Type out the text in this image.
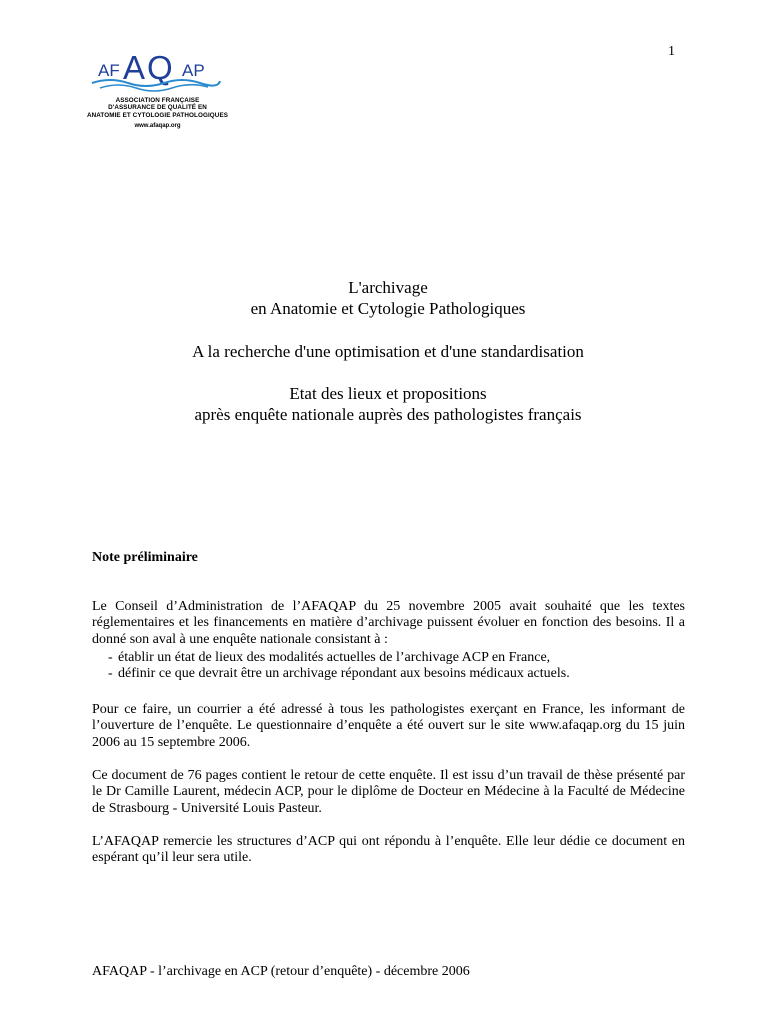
1
AF A Q AP
ASSOCIATION FRANÇAISE
D'ASSURANCE DE QUALITÉ EN
ANATOMIE ET CYTOLOGIE PATHOLOGIQUES
www.afaqap.org
L'archivage
en Anatomie et Cytologie Pathologiques
A la recherche d'une optimisation et d'une standardisation
Etat des lieux et propositions
après enquête nationale auprès des pathologistes français
Note préliminaire
Le Conseil d’Administration de l’AFAQAP du 25 novembre 2005 avait souhaité que les textes réglementaires et les financements en matière d’archivage puissent évoluer en fonction des besoins. Il a donné son aval à une enquête nationale consistant à :
- établir un état de lieux des modalités actuelles de l’archivage ACP en France,
- définir ce que devrait être un archivage répondant aux besoins médicaux actuels.
Pour ce faire, un courrier a été adressé à tous les pathologistes exerçant en France, les informant de l’ouverture de l’enquête. Le questionnaire d’enquête a été ouvert sur le site www.afaqap.org du 15 juin 2006 au 15 septembre 2006.
Ce document de 76 pages contient le retour de cette enquête. Il est issu d’un travail de thèse présenté par le Dr Camille Laurent, médecin ACP, pour le diplôme de Docteur en Médecine à la Faculté de Médecine de Strasbourg - Université Louis Pasteur.
L’AFAQAP remercie les structures d’ACP qui ont répondu à l’enquête. Elle leur dédie ce document en espérant qu’il leur sera utile.
AFAQAP - l’archivage en ACP (retour d’enquête) - décembre 2006
